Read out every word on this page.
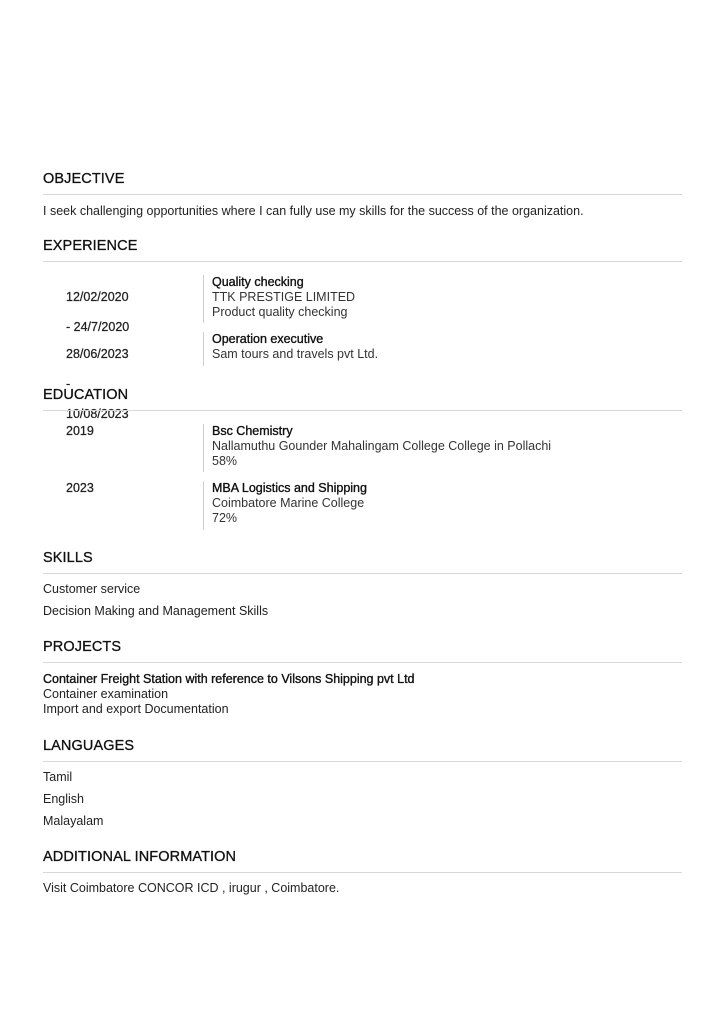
OBJECTIVE
I seek challenging opportunities where I can fully use my skills for the success of the organization.
EXPERIENCE

12/02/2020

- 24/7/2020

Quality checking
TTK PRESTIGE LIMITED
Product quality checking

28/06/2023

-

10/08/2023

Operation executive
Sam tours and travels pvt Ltd.
EDUCATION
2019	Bsc Chemistry
Nallamuthu Gounder Mahalingam College College in Pollachi
58%
2023	MBA Logistics and Shipping
Coimbatore Marine College
72%
SKILLS
Customer service
Decision Making and Management Skills
PROJECTS
Container Freight Station with reference to Vilsons Shipping pvt Ltd
Container examination
Import and export Documentation
LANGUAGES
Tamil
English
Malayalam
ADDITIONAL INFORMATION
Visit Coimbatore CONCOR ICD , irugur , Coimbatore.
